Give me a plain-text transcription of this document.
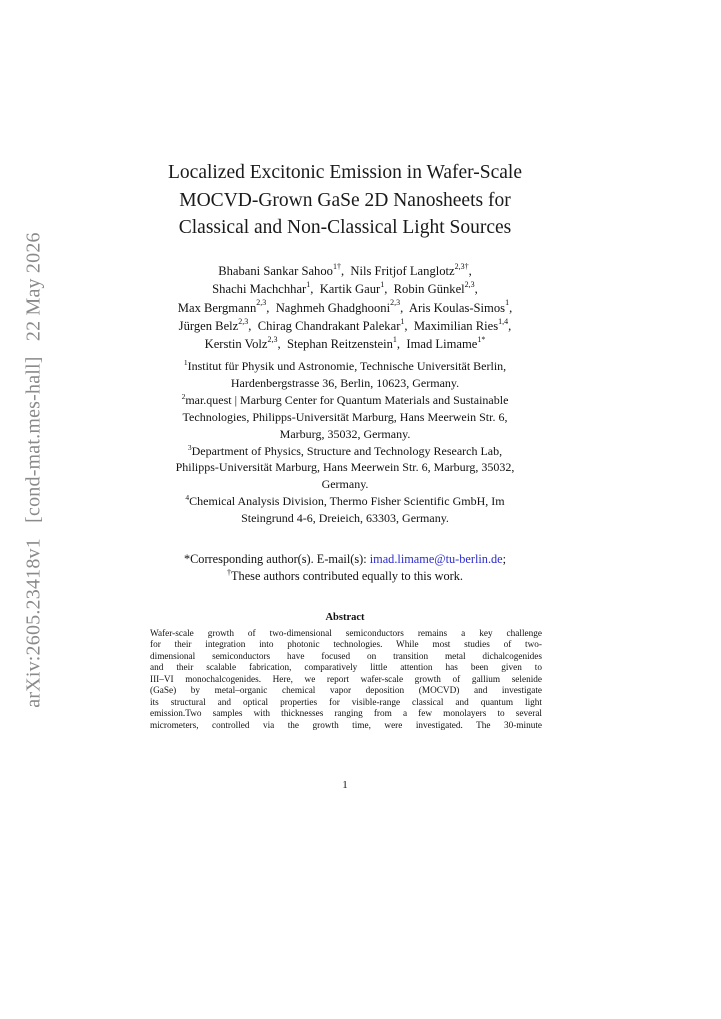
arXiv:2605.23418v1 [cond-mat.mes-hall] 22 May 2026
Localized Excitonic Emission in Wafer-Scale
MOCVD-Grown GaSe 2D Nanosheets for
Classical and Non-Classical Light Sources
Bhabani Sankar Sahoo$^{1\dagger}$,  Nils Fritjof Langlotz$^{2,3\dagger}$,
Shachi Machchhar$^1$,  Kartik Gaur$^1$,  Robin Günkel$^{2,3}$,
Max Bergmann$^{2,3}$,  Naghmeh Ghadghooni$^{2,3}$,  Aris Koulas-Simos$^1$,
Jürgen Belz$^{2,3}$,  Chirag Chandrakant Palekar$^1$,  Maximilian Ries$^{1,4}$,
Kerstin Volz$^{2,3}$,  Stephan Reitzenstein$^1$,  Imad Limame$^{1*}$
$^1$Institut für Physik und Astronomie, Technische Universität Berlin,
Hardenbergstrasse 36, Berlin, 10623, Germany.
$^2$mar.quest | Marburg Center for Quantum Materials and Sustainable
Technologies, Philipps-Universität Marburg, Hans Meerwein Str. 6,
Marburg, 35032, Germany.
$^3$Department of Physics, Structure and Technology Research Lab,
Philipps-Universität Marburg, Hans Meerwein Str. 6, Marburg, 35032,
Germany.
$^4$Chemical Analysis Division, Thermo Fisher Scientific GmbH, Im
Steingrund 4-6, Dreieich, 63303, Germany.
*Corresponding author(s). E-mail(s): imad.limame@tu-berlin.de;
†These authors contributed equally to this work.
Abstract
Wafer-scale growth of two-dimensional semiconductors remains a key challenge
for their integration into photonic technologies. While most studies of two-
dimensional semiconductors have focused on transition metal dichalcogenides
and their scalable fabrication, comparatively little attention has been given to
III–VI monochalcogenides. Here, we report wafer-scale growth of gallium selenide
(GaSe) by metal–organic chemical vapor deposition (MOCVD) and investigate
its structural and optical properties for visible-range classical and quantum light
emission.Two samples with thicknesses ranging from a few monolayers to several
micrometers, controlled via the growth time, were investigated. The 30-minute
1
